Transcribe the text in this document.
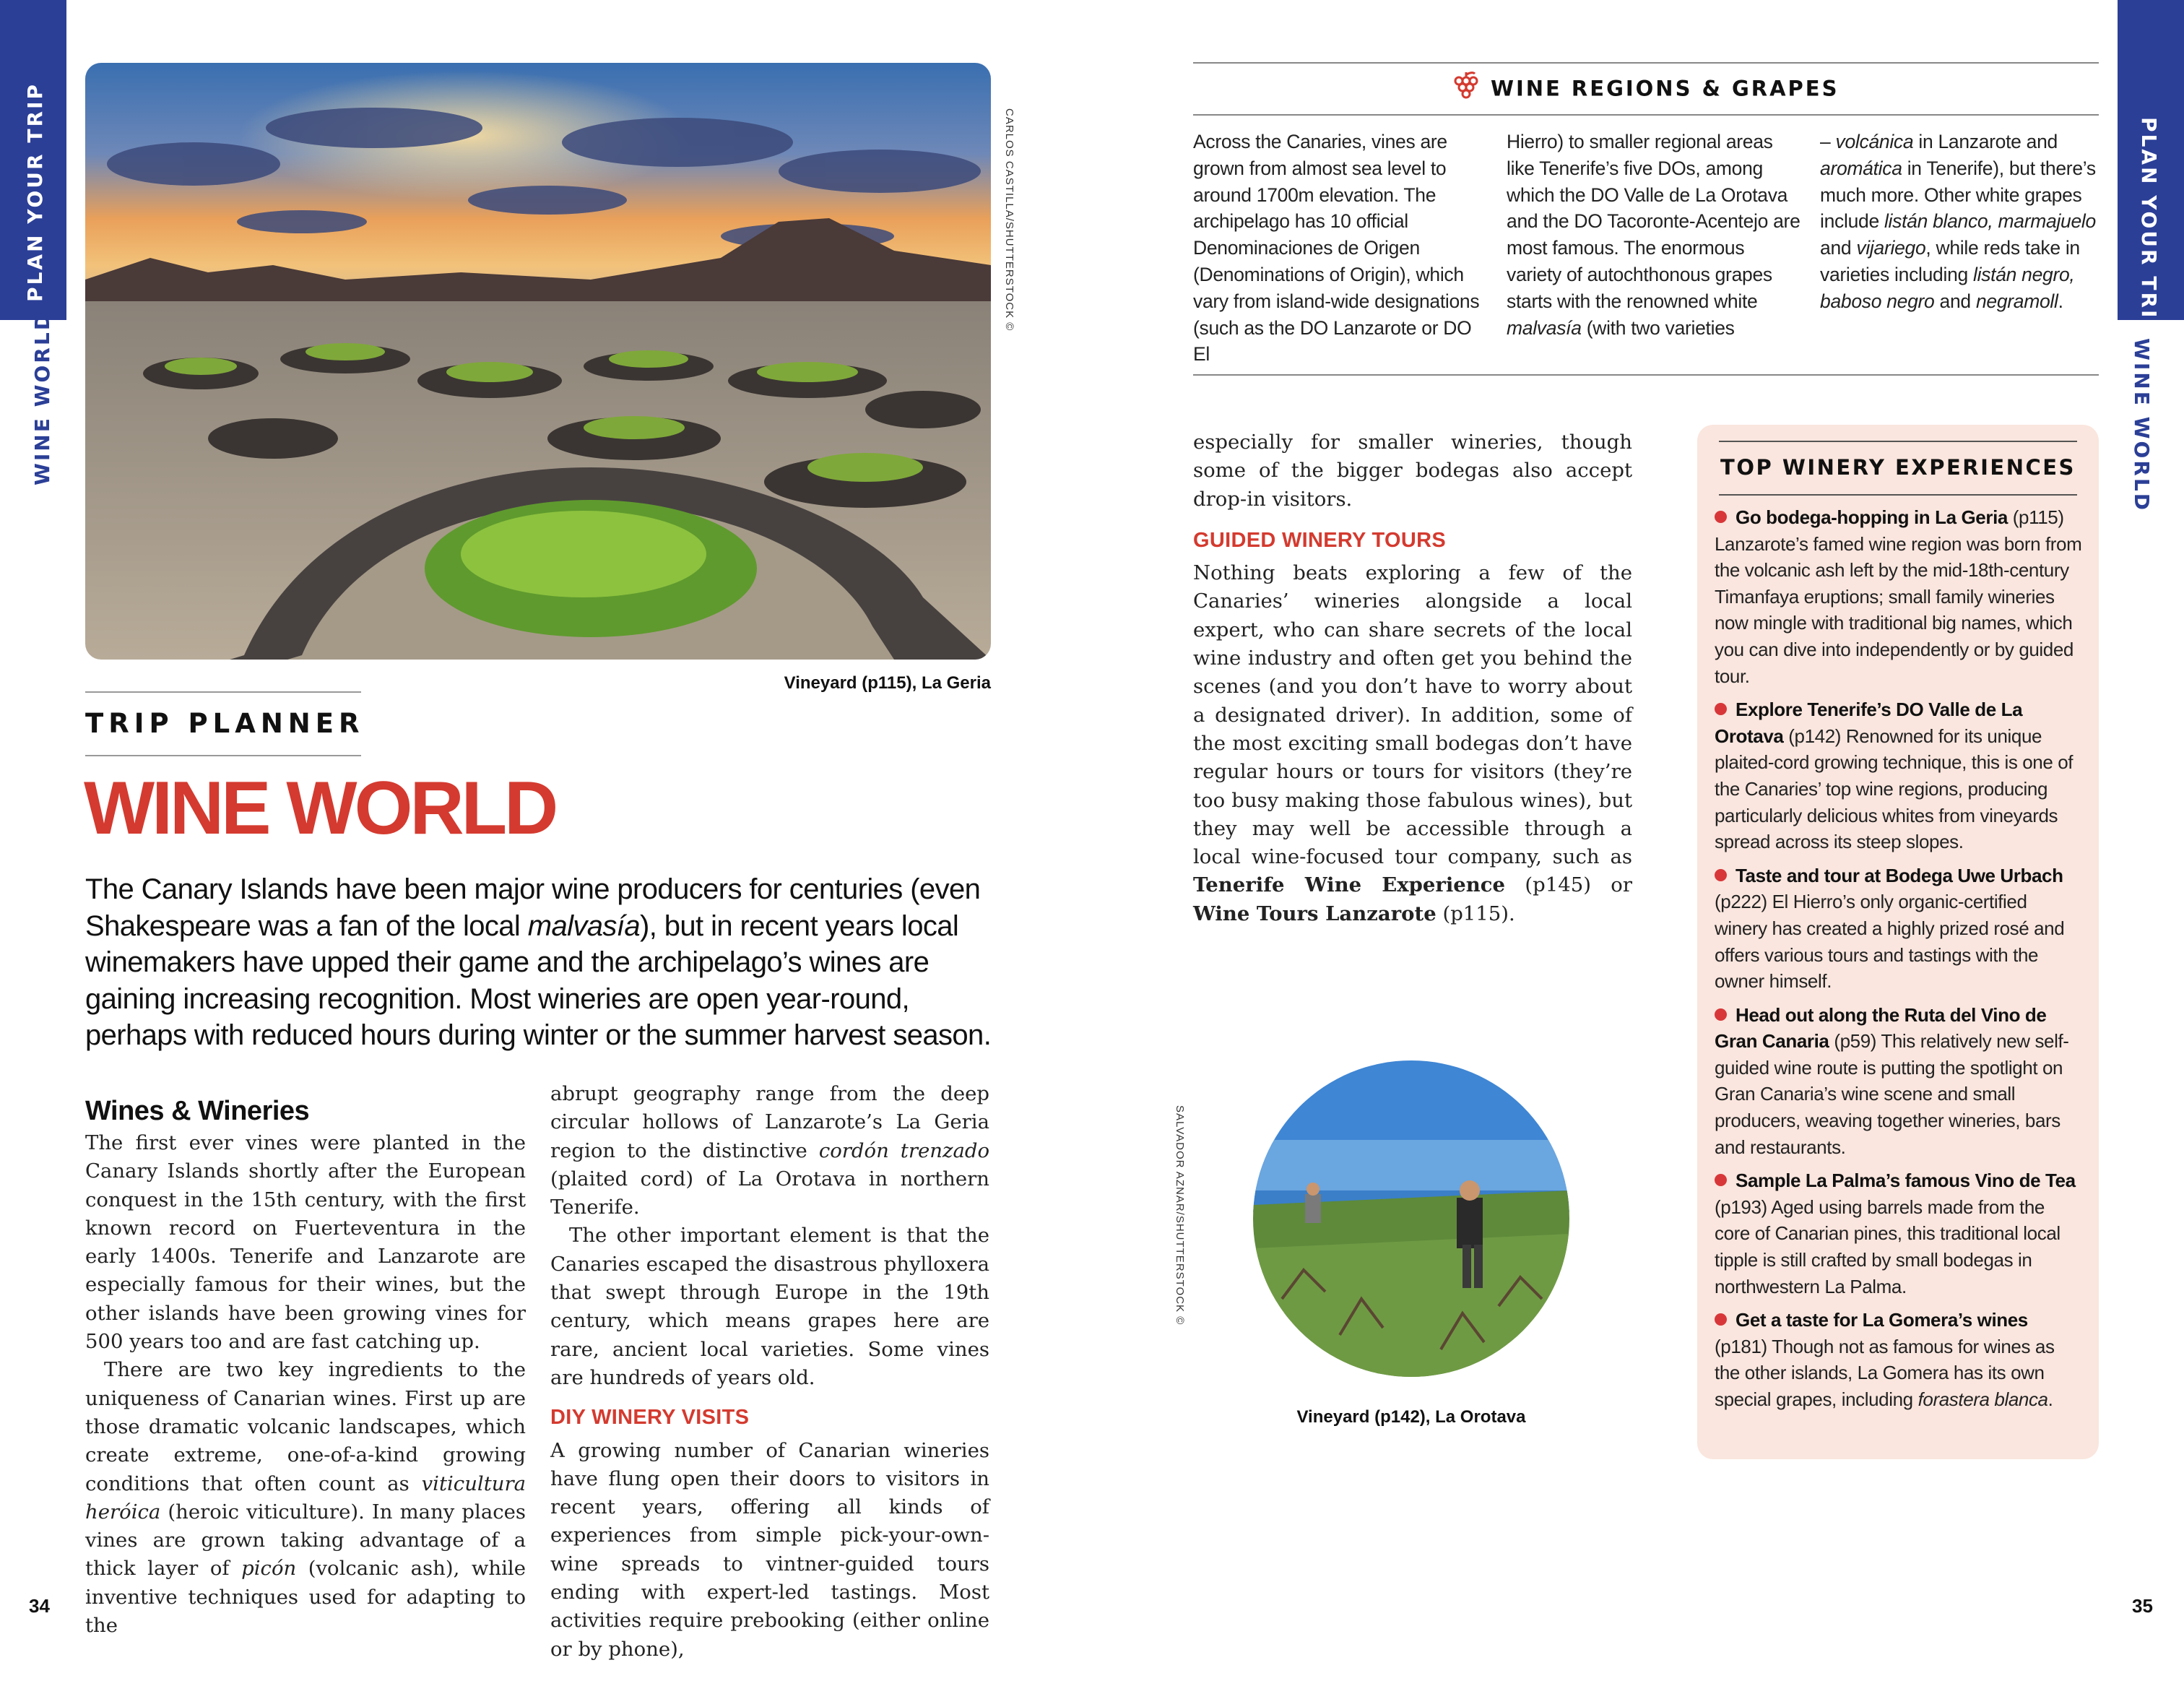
PLAN YOUR TRIP
WINE WORLD
PLAN YOUR TRIP
WINE WORLD
CARLOS CASTILLA/SHUTTERSTOCK ©
Vineyard (p115), La Geria
TRIP PLANNER
WINE WORLD
The Canary Islands have been major wine producers for centuries (even Shakespeare was a fan of the local malvasía), but in recent years local winemakers have upped their game and the archipelago’s wines are gaining increasing recognition. Most wineries are open year-round, perhaps with reduced hours during winter or the summer harvest season.
Wines & Wineries

The first ever vines were planted in the Canary Islands shortly after the European conquest in the 15th century, with the first known record on Fuerteventura in the early 1400s. Tenerife and Lanzarote are especially famous for their wines, but the other islands have been growing vines for 500 years too and are fast catching up.

There are two key ingredients to the uniqueness of Canarian wines. First up are those dramatic volcanic landscapes, which create extreme, one-of-a-kind growing conditions that often count as viticultura heróica (heroic viticulture). In many places vines are grown taking advantage of a thick layer of picón (volcanic ash), while inventive techniques used for adapting to the

34

abrupt geography range from the deep circular hollows of Lanzarote’s La Geria region to the distinctive cordón trenzado (plaited cord) of La Orotava in northern Tenerife.

The other important element is that the Canaries escaped the disastrous phylloxera that swept through Europe in the 19th century, which means grapes here are rare, ancient local varieties. Some vines are hundreds of years old.

DIY WINERY VISITS

A growing number of Canarian wineries have flung open their doors to visitors in recent years, offering all kinds of experiences from simple pick-your-own-wine spreads to vintner-guided tours ending with expert-led tastings. Most activities require prebooking (either online or by phone),

WINE REGIONS & GRAPES
Across the Canaries, vines are grown from almost sea level to around 1700m elevation. The archipelago has 10 official Denominaciones de Origen (Denominations of Origin), which vary from island-wide designations (such as the DO Lanzarote or DO El
Hierro) to smaller regional areas like Tenerife’s five DOs, among which the DO Valle de La Orotava and the DO Tacoronte-Acentejo are most famous. The enormous variety of autochthonous grapes starts with the renowned white malvasía (with two varieties
– volcánica in Lanzarote and aromática in Tenerife), but there’s much more. Other white grapes include listán blanco, marmajuelo and vijariego, while reds take in varieties including listán negro, baboso negro and negramoll.

especially for smaller wineries, though some of the bigger bodegas also accept drop-in visitors.

GUIDED WINERY TOURS

Nothing beats exploring a few of the Canaries’ wineries alongside a local expert, who can share secrets of the local wine industry and often get you behind the scenes (and you don’t have to worry about a designated driver). In addition, some of the most exciting small bodegas don’t have regular hours or tours for visitors (they’re too busy making those fabulous wines), but they may well be accessible through a local wine-focused tour company, such as Tenerife Wine Experience (p145) or Wine Tours Lanzarote (p115).

SALVADOR AZNAR/SHUTTERSTOCK ©
Vineyard (p142), La Orotava
TOP WINERY EXPERIENCES
Go bodega-hopping in La Geria (p115) Lanzarote’s famed wine region was born from the volcanic ash left by the mid-18th-century Timanfaya eruptions; small family wineries now mingle with traditional big names, which you can dive into independently or by guided tour.
Explore Tenerife’s DO Valle de La Orotava (p142) Renowned for its unique plaited-cord growing technique, this is one of the Canaries’ top wine regions, producing particularly delicious whites from vineyards spread across its steep slopes.
Taste and tour at Bodega Uwe Urbach (p222) El Hierro’s only organic-certified winery has created a highly prized rosé and offers various tours and tastings with the owner himself.
Head out along the Ruta del Vino de Gran Canaria (p59) This relatively new self-guided wine route is putting the spotlight on Gran Canaria’s wine scene and small producers, weaving together wineries, bars and restaurants.
Sample La Palma’s famous Vino de Tea (p193) Aged using barrels made from the core of Canarian pines, this traditional local tipple is still crafted by small bodegas in northwestern La Palma.
Get a taste for La Gomera’s wines (p181) Though not as famous for wines as the other islands, La Gomera has its own special grapes, including forastera blanca.
35
